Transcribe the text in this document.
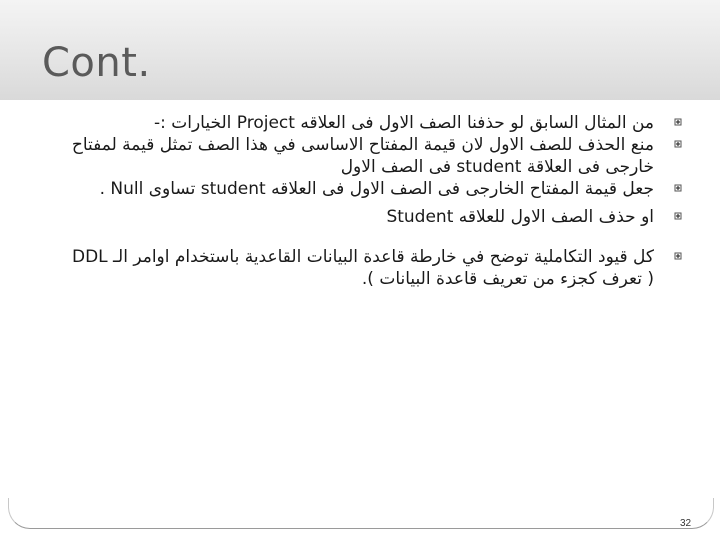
Cont.
من المثال السابق لو حذفنا الصف الاول فى العلاقه Project الخيارات :-
منع الحذف للصف الاول لان قيمة المفتاح الاساسى في هذا الصف تمثل قيمة لمفتاح خارجى فى العلاقة student فى الصف الاول
جعل قيمة المفتاح الخارجى فى الصف الاول فى العلاقه student تساوى Null .
او حذف الصف الاول للعلاقه Student
كل قيود التكاملية توضح في خارطة قاعدة البيانات القاعدية باستخدام اوامر الـ DDL ( تعرف كجزء من تعريف قاعدة البيانات ).
32
